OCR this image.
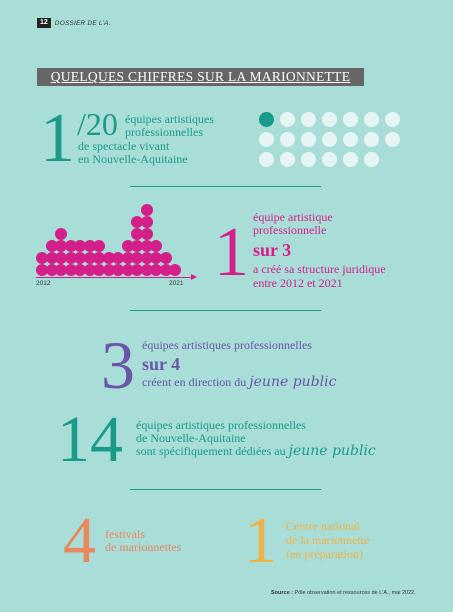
12	DOSSIER DE L'A.
QUELQUES CHIFFRES SUR LA MARIONNETTE
1 /20 équipes artistiques
professionnelles
de spectacle vivant
en Nouvelle-Aquitaine
2012	2021 1 équipe artistique
professionnelle
sur 3
a créé sa structure juridique
entre 2012 et 2021
3 équipes artistiques professionnelles
sur 4
créent en direction du jeune public
14 équipes artistiques professionnelles
de Nouvelle-Aquitaine
sont spécifiquement dédiées au jeune public
4 festivals
de marionnettes 1 Centre national
de la marionnette
(en préparation)
Source : Pôle observation et ressources de L'A., mai 2022.
